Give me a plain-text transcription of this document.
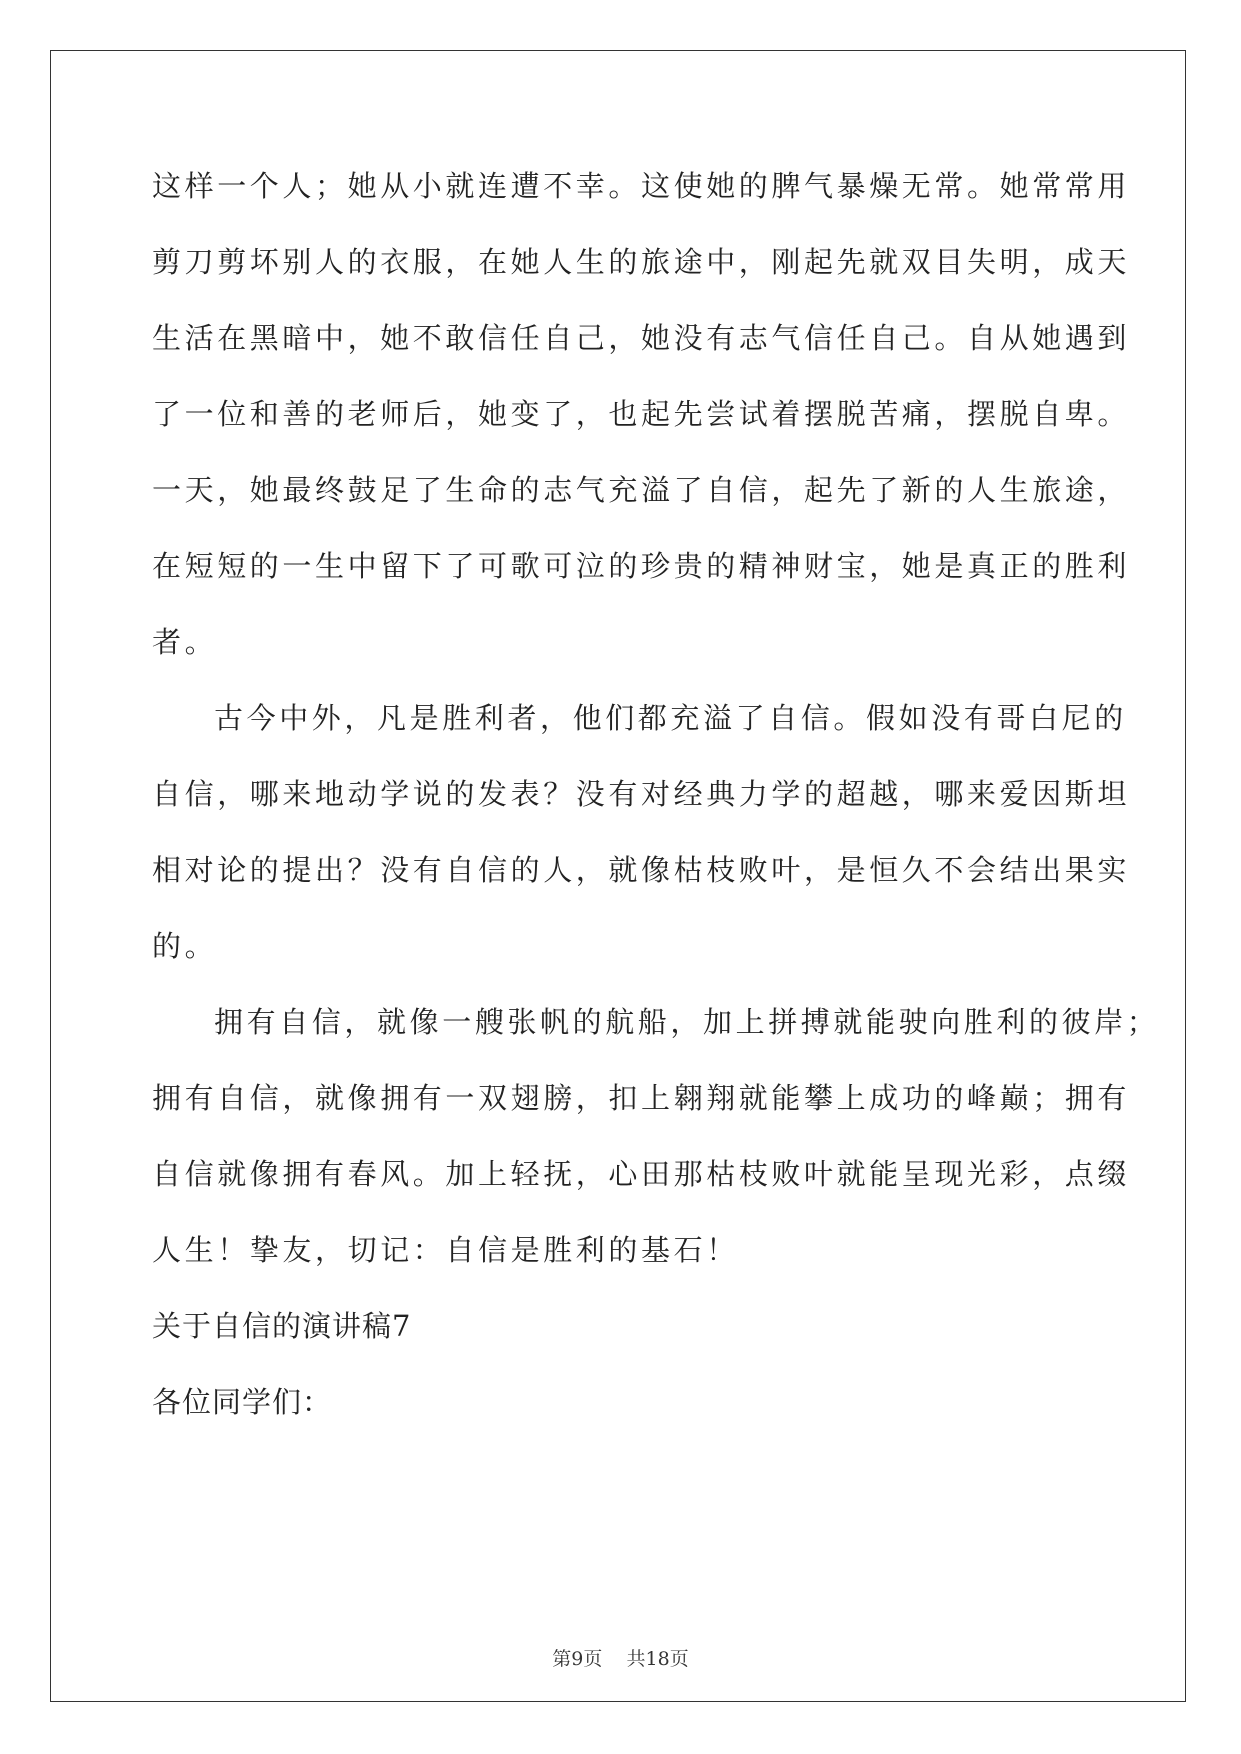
这样一个人；她从小就连遭不幸。这使她的脾气暴燥无常。她常常用
剪刀剪坏别人的衣服，在她人生的旅途中，刚起先就双目失明，成天
生活在黑暗中，她不敢信任自己，她没有志气信任自己。自从她遇到
了一位和善的老师后，她变了，也起先尝试着摆脱苦痛，摆脱自卑。
一天，她最终鼓足了生命的志气充溢了自信，起先了新的人生旅途，
在短短的一生中留下了可歌可泣的珍贵的精神财宝，她是真正的胜利
者。
古今中外，凡是胜利者，他们都充溢了自信。假如没有哥白尼的
自信，哪来地动学说的发表？没有对经典力学的超越，哪来爱因斯坦
相对论的提出？没有自信的人，就像枯枝败叶，是恒久不会结出果实
的。
拥有自信，就像一艘张帆的航船，加上拼搏就能驶向胜利的彼岸；
拥有自信，就像拥有一双翅膀，扣上翱翔就能攀上成功的峰巅；拥有
自信就像拥有春风。加上轻抚，心田那枯枝败叶就能呈现光彩，点缀
人生！挚友，切记：自信是胜利的基石！
关于自信的演讲稿7
各位同学们：
第9页 共18页
